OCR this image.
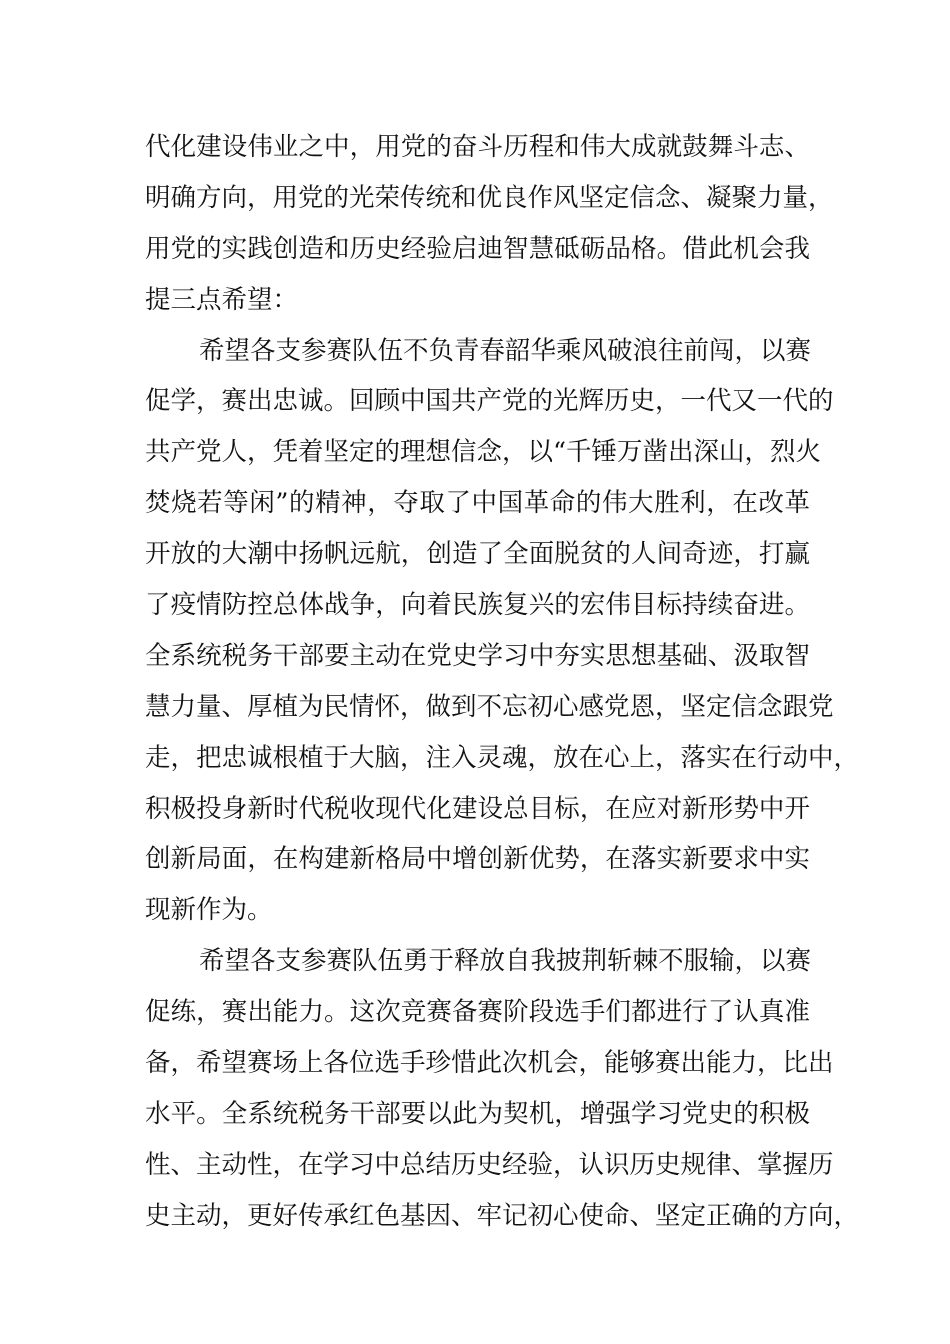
代化建设伟业之中，用党的奋斗历程和伟大成就鼓舞斗志、
明确方向，用党的光荣传统和优良作风坚定信念、凝聚力量，
用党的实践创造和历史经验启迪智慧砥砺品格。借此机会我
提三点希望：
希望各支参赛队伍不负青春韶华乘风破浪往前闯，以赛
促学，赛出忠诚。回顾中国共产党的光辉历史，一代又一代的
共产党人，凭着坚定的理想信念，以“千锤万凿出深山，烈火
焚烧若等闲”的精神，夺取了中国革命的伟大胜利，在改革
开放的大潮中扬帆远航，创造了全面脱贫的人间奇迹，打赢
了疫情防控总体战争，向着民族复兴的宏伟目标持续奋进。
全系统税务干部要主动在党史学习中夯实思想基础、汲取智
慧力量、厚植为民情怀，做到不忘初心感党恩，坚定信念跟党
走，把忠诚根植于大脑，注入灵魂，放在心上，落实在行动中，
积极投身新时代税收现代化建设总目标，在应对新形势中开
创新局面，在构建新格局中增创新优势，在落实新要求中实
现新作为。
希望各支参赛队伍勇于释放自我披荆斩棘不服输，以赛
促练，赛出能力。这次竞赛备赛阶段选手们都进行了认真准
备，希望赛场上各位选手珍惜此次机会，能够赛出能力，比出
水平。全系统税务干部要以此为契机，增强学习党史的积极
性、主动性，在学习中总结历史经验，认识历史规律、掌握历
史主动，更好传承红色基因、牢记初心使命、坚定正确的方向，
